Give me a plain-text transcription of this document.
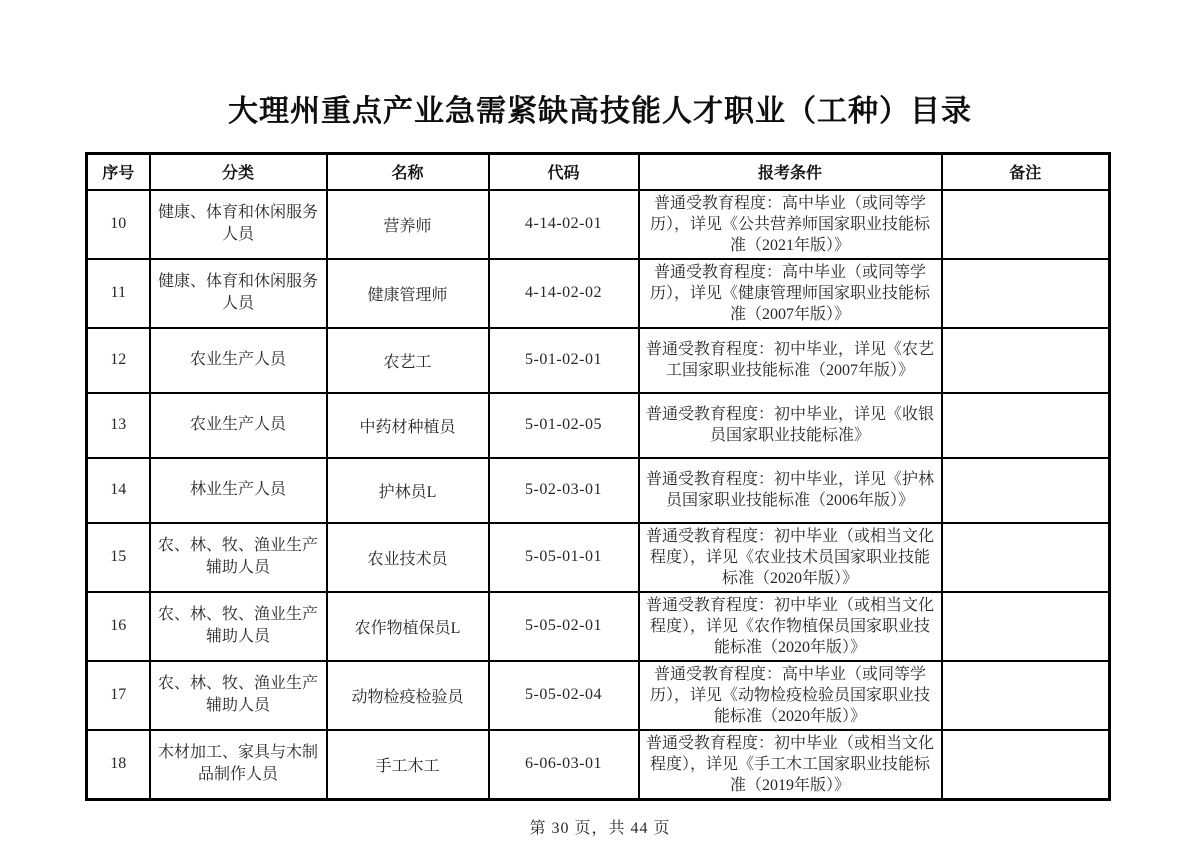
大理州重点产业急需紧缺高技能人才职业（工种）目录
序号	分类	名称	代码	报考条件	备注
10	健康、体育和休闲服务人员	营养师	4-14-02-01	普通受教育程度：高中毕业（或同等学历），详见《公共营养师国家职业技能标准（2021年版）》	
11	健康、体育和休闲服务人员	健康管理师	4-14-02-02	普通受教育程度：高中毕业（或同等学历），详见《健康管理师国家职业技能标准（2007年版）》	
12	农业生产人员	农艺工	5-01-02-01	普通受教育程度：初中毕业，详见《农艺工国家职业技能标准（2007年版）》	
13	农业生产人员	中药材种植员	5-01-02-05	普通受教育程度：初中毕业，详见《收银员国家职业技能标准》	
14	林业生产人员	护林员L	5-02-03-01	普通受教育程度：初中毕业，详见《护林员国家职业技能标准（2006年版）》	
15	农、林、牧、渔业生产辅助人员	农业技术员	5-05-01-01	普通受教育程度：初中毕业（或相当文化程度），详见《农业技术员国家职业技能标准（2020年版）》	
16	农、林、牧、渔业生产辅助人员	农作物植保员L	5-05-02-01	普通受教育程度：初中毕业（或相当文化程度），详见《农作物植保员国家职业技能标准（2020年版）》	
17	农、林、牧、渔业生产辅助人员	动物检疫检验员	5-05-02-04	普通受教育程度：高中毕业（或同等学历），详见《动物检疫检验员国家职业技能标准（2020年版）》	
18	木材加工、家具与木制品制作人员	手工木工	6-06-03-01	普通受教育程度：初中毕业（或相当文化程度），详见《手工木工国家职业技能标准（2019年版）》	
第 30 页，共 44 页
